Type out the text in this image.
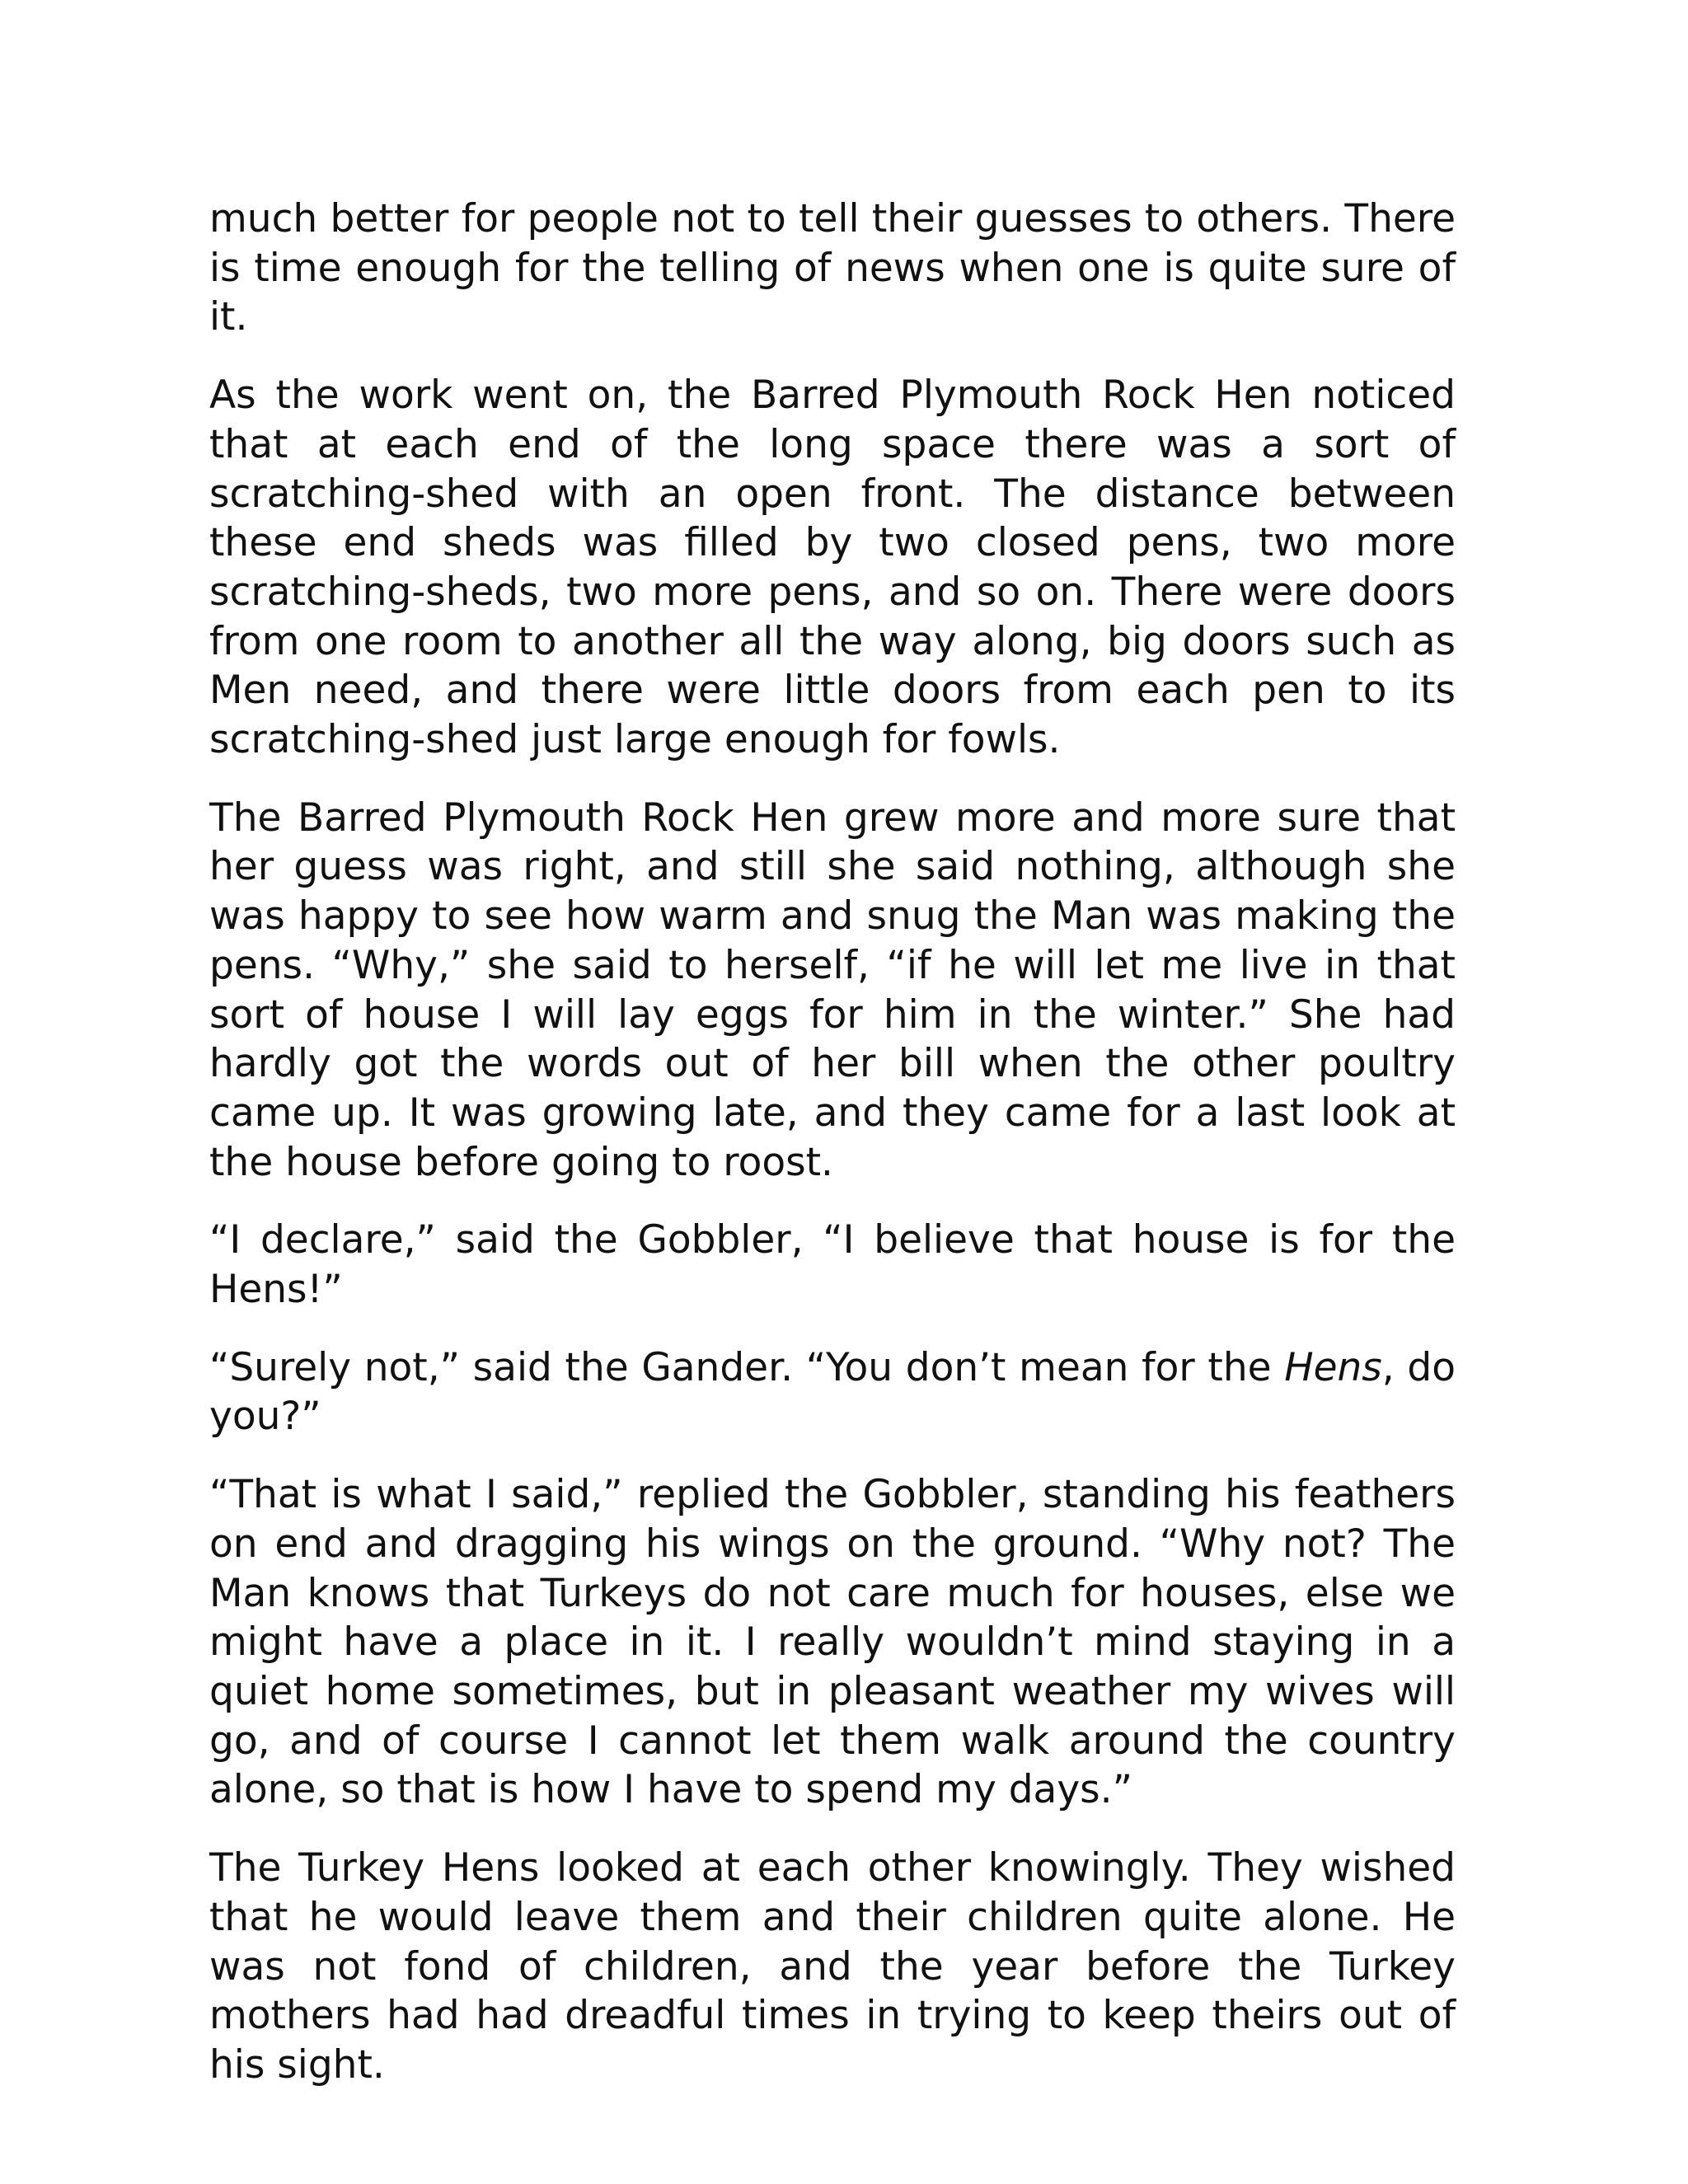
much better for people not to tell their guesses to others. There is time enough for the telling of news when one is quite sure of it.

As the work went on, the Barred Plymouth Rock Hen noticed that at each end of the long space there was a sort of scratching-shed with an open front. The distance between these end sheds was filled by two closed pens, two more scratching-sheds, two more pens, and so on. There were doors from one room to another all the way along, big doors such as Men need, and there were little doors from each pen to its scratching-shed just large enough for fowls.

The Barred Plymouth Rock Hen grew more and more sure that her guess was right, and still she said nothing, although she was happy to see how warm and snug the Man was making the pens. “Why,” she said to herself, “if he will let me live in that sort of house I will lay eggs for him in the winter.” She had hardly got the words out of her bill when the other poultry came up. It was growing late, and they came for a last look at the house before going to roost.

“I declare,” said the Gobbler, “I believe that house is for the Hens!”

“Surely not,” said the Gander. “You don’t mean for the Hens, do you?”

“That is what I said,” replied the Gobbler, standing his feathers on end and dragging his wings on the ground. “Why not? The Man knows that Turkeys do not care much for houses, else we might have a place in it. I really wouldn’t mind staying in a quiet home sometimes, but in pleasant weather my wives will go, and of course I cannot let them walk around the country alone, so that is how I have to spend my days.”

The Turkey Hens looked at each other knowingly. They wished that he would leave them and their children quite alone. He was not fond of children, and the year before the Turkey mothers had had dreadful times in trying to keep theirs out of his sight.
